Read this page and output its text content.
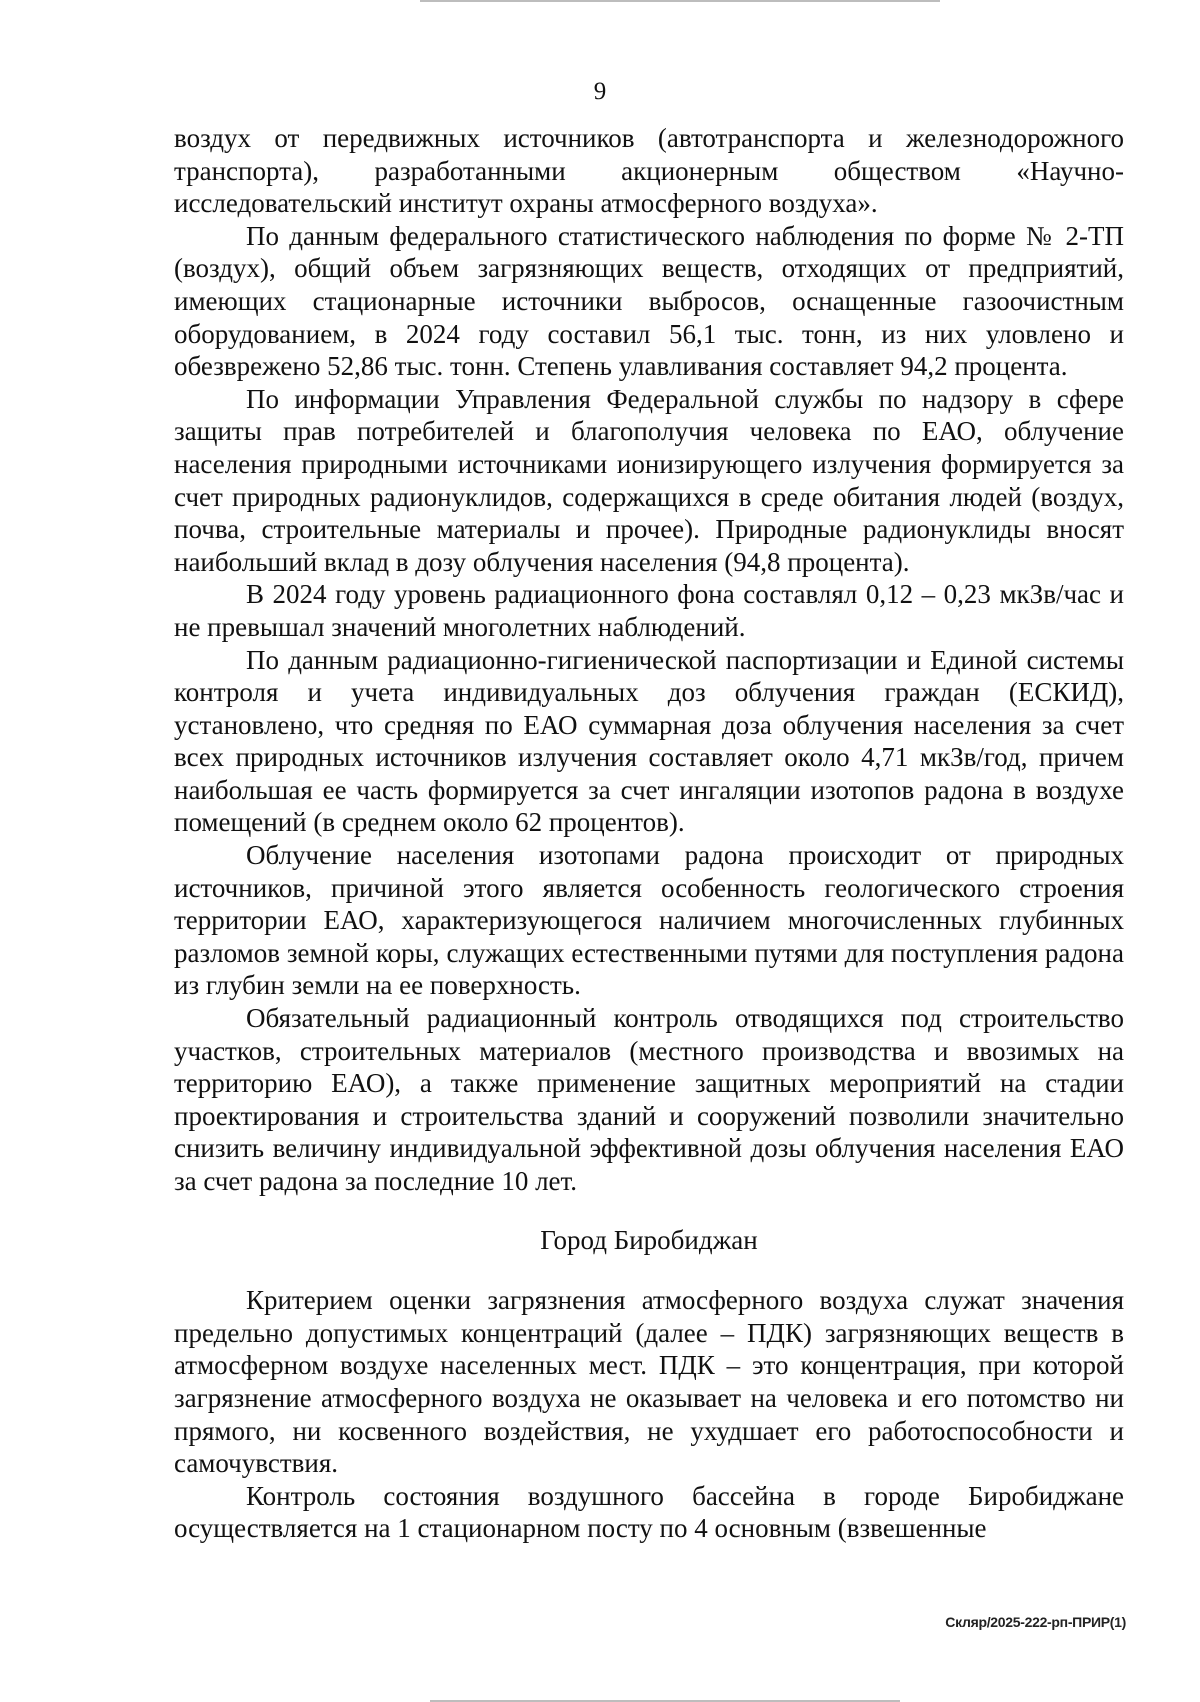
9

воздух от передвижных источников (автотранспорта и железнодорожного транспорта), разработанными акционерным обществом «Научно-исследовательский институт охраны атмосферного воздуха».

По данным федерального статистического наблюдения по форме № 2-ТП (воздух), общий объем загрязняющих веществ, отходящих от предприятий, имеющих стационарные источники выбросов, оснащенные газоочистным оборудованием, в 2024 году составил 56,1 тыс. тонн, из них уловлено и обезврежено 52,86 тыс. тонн. Степень улавливания составляет 94,2 процента.

По информации Управления Федеральной службы по надзору в сфере защиты прав потребителей и благополучия человека по ЕАО, облучение населения природными источниками ионизирующего излучения формируется за счет природных радионуклидов, содержащихся в среде обитания людей (воздух, почва, строительные материалы и прочее). Природные радионуклиды вносят наибольший вклад в дозу облучения населения (94,8 процента).

В 2024 году уровень радиационного фона составлял 0,12 – 0,23 мкЗв/час и не превышал значений многолетних наблюдений.

По данным радиационно-гигиенической паспортизации и Единой системы контроля и учета индивидуальных доз облучения граждан (ЕСКИД), установлено, что средняя по ЕАО суммарная доза облучения населения за счет всех природных источников излучения составляет около 4,71 мкЗв/год, причем наибольшая ее часть формируется за счет ингаляции изотопов радона в воздухе помещений (в среднем около 62 процентов).

Облучение населения изотопами радона происходит от природных источников, причиной этого является особенность геологического строения территории ЕАО, характеризующегося наличием многочисленных глубинных разломов земной коры, служащих естественными путями для поступления радона из глубин земли на ее поверхность.

Обязательный радиационный контроль отводящихся под строительство участков, строительных материалов (местного производства и ввозимых на территорию ЕАО), а также применение защитных мероприятий на стадии проектирования и строительства зданий и сооружений позволили значительно снизить величину индивидуальной эффективной дозы облучения населения ЕАО за счет радона за последние 10 лет.

Город Биробиджан

Критерием оценки загрязнения атмосферного воздуха служат значения предельно допустимых концентраций (далее – ПДК) загрязняющих веществ в атмосферном воздухе населенных мест. ПДК – это концентрация, при которой загрязнение атмосферного воздуха не оказывает на человека и его потомство ни прямого, ни косвенного воздействия, не ухудшает его работоспособности и самочувствия.

Контроль состояния воздушного бассейна в городе Биробиджане осуществляется на 1 стационарном посту по 4 основным (взвешенные

Скляр/2025-222-рп-ПРИР(1)
